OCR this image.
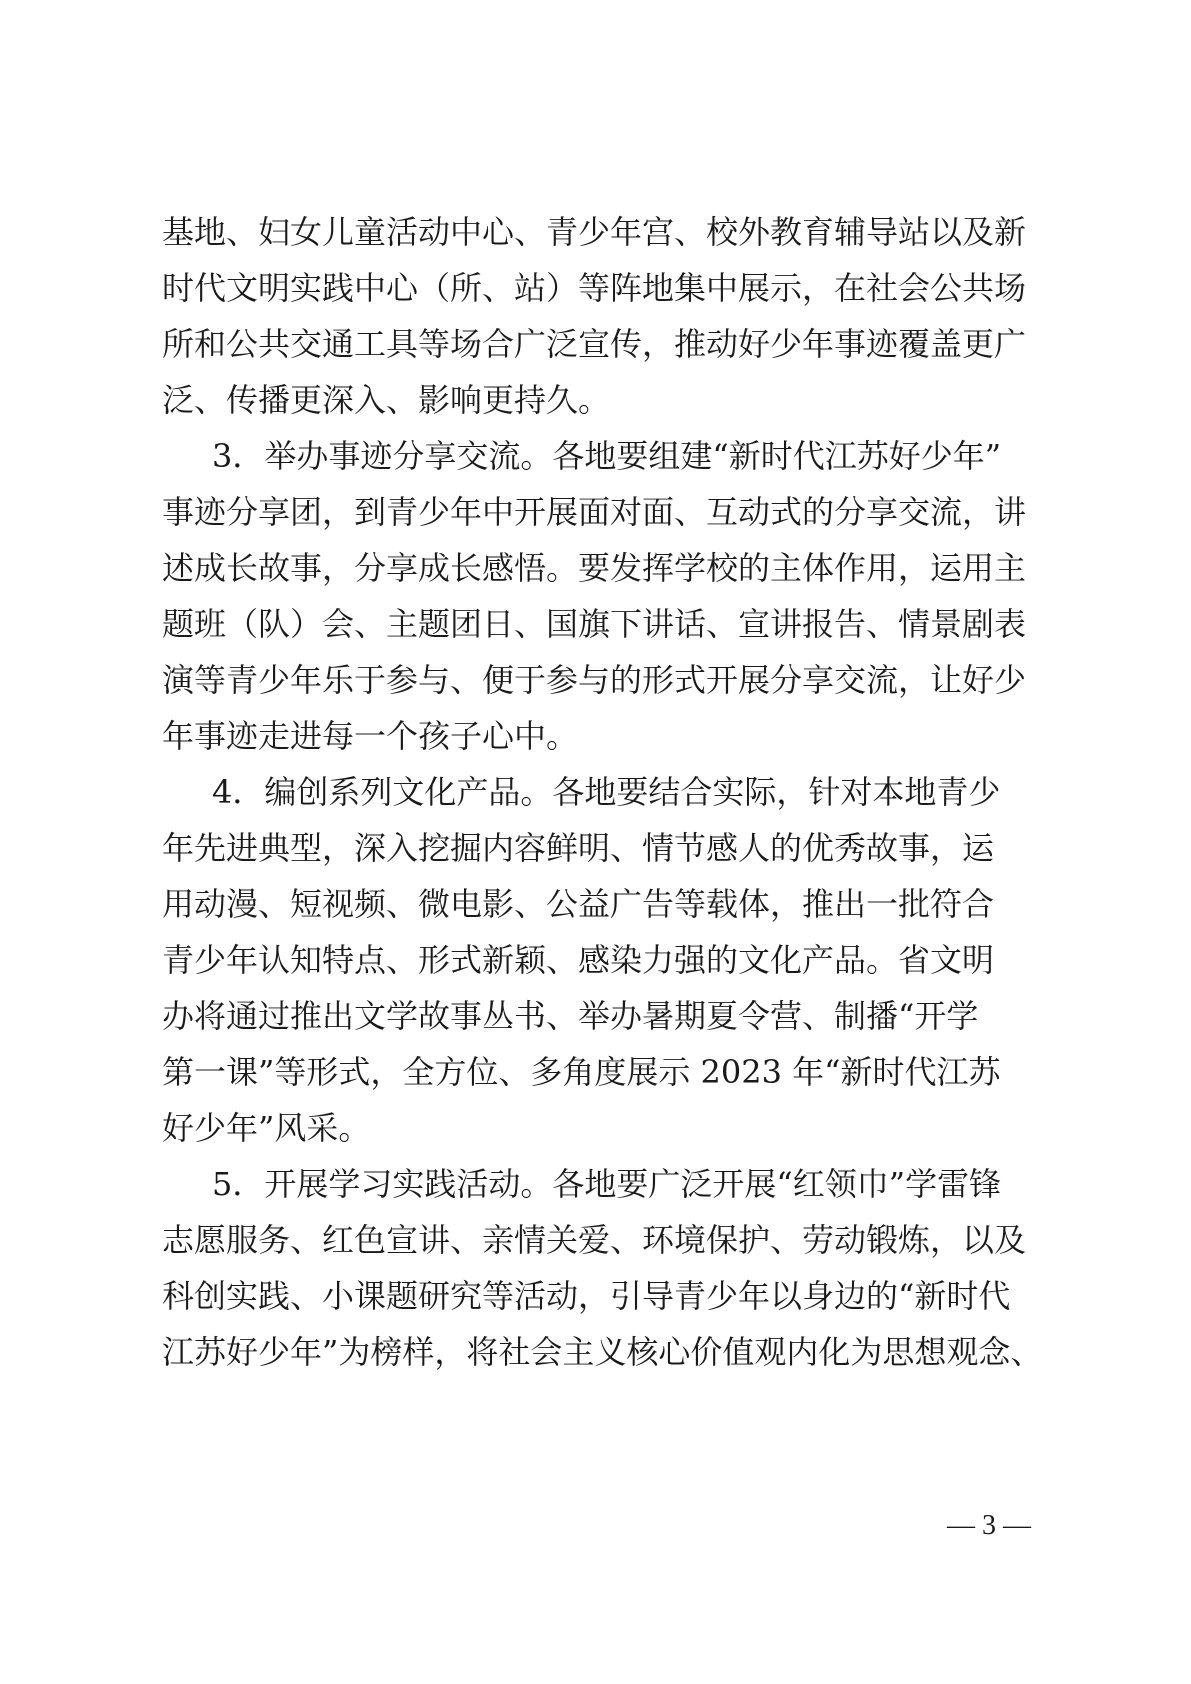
基地、妇女儿童活动中心、青少年宫、校外教育辅导站以及新
时代文明实践中心（所、站）等阵地集中展示，在社会公共场
所和公共交通工具等场合广泛宣传，推动好少年事迹覆盖更广
泛、传播更深入、影响更持久。
3．举办事迹分享交流。各地要组建“新时代江苏好少年”
事迹分享团，到青少年中开展面对面、互动式的分享交流，讲
述成长故事，分享成长感悟。要发挥学校的主体作用，运用主
题班（队）会、主题团日、国旗下讲话、宣讲报告、情景剧表
演等青少年乐于参与、便于参与的形式开展分享交流，让好少
年事迹走进每一个孩子心中。
4．编创系列文化产品。各地要结合实际，针对本地青少
年先进典型，深入挖掘内容鲜明、情节感人的优秀故事，运
用动漫、短视频、微电影、公益广告等载体，推出一批符合
青少年认知特点、形式新颖、感染力强的文化产品。省文明
办将通过推出文学故事丛书、举办暑期夏令营、制播“开学
第一课”等形式，全方位、多角度展示 2023 年“新时代江苏
好少年”风采。
5．开展学习实践活动。各地要广泛开展“红领巾”学雷锋
志愿服务、红色宣讲、亲情关爱、环境保护、劳动锻炼，以及
科创实践、小课题研究等活动，引导青少年以身边的“新时代
江苏好少年”为榜样，将社会主义核心价值观内化为思想观念、
— 3 —
